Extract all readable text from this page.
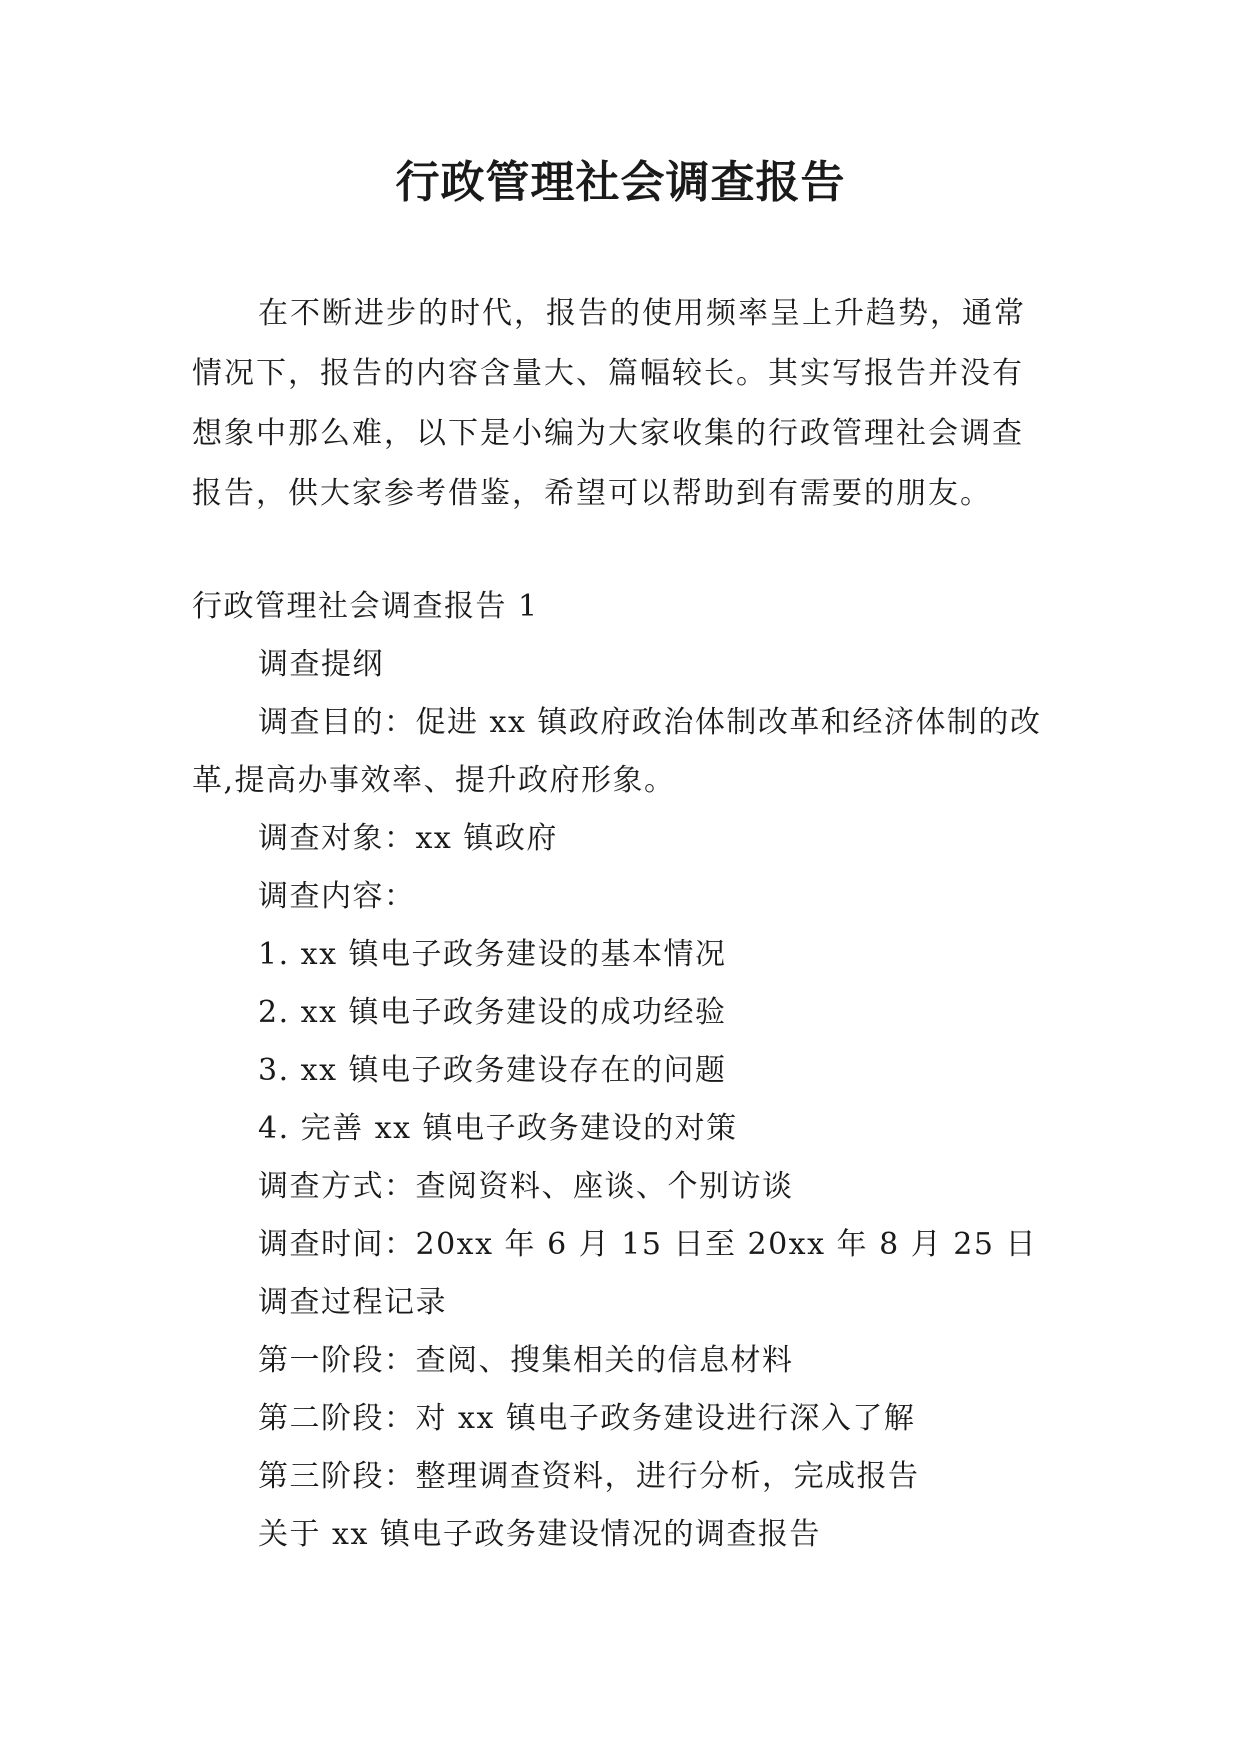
行政管理社会调查报告

在不断进步的时代，报告的使用频率呈上升趋势，通常情况下，报告的内容含量大、篇幅较长。其实写报告并没有想象中那么难，以下是小编为大家收集的行政管理社会调查报告，供大家参考借鉴，希望可以帮助到有需要的朋友。

行政管理社会调查报告 1

调查提纲

调查目的：促进 xx 镇政府政治体制改革和经济体制的改革,提高办事效率、提升政府形象。

调查对象：xx 镇政府

调查内容：

1. xx 镇电子政务建设的基本情况

2. xx 镇电子政务建设的成功经验

3. xx 镇电子政务建设存在的问题

4. 完善 xx 镇电子政务建设的对策

调查方式：查阅资料、座谈、个别访谈

调查时间：20xx 年 6 月 15 日至 20xx 年 8 月 25 日

调查过程记录

第一阶段：查阅、搜集相关的信息材料

第二阶段：对 xx 镇电子政务建设进行深入了解

第三阶段：整理调查资料，进行分析，完成报告

关于 xx 镇电子政务建设情况的调查报告
